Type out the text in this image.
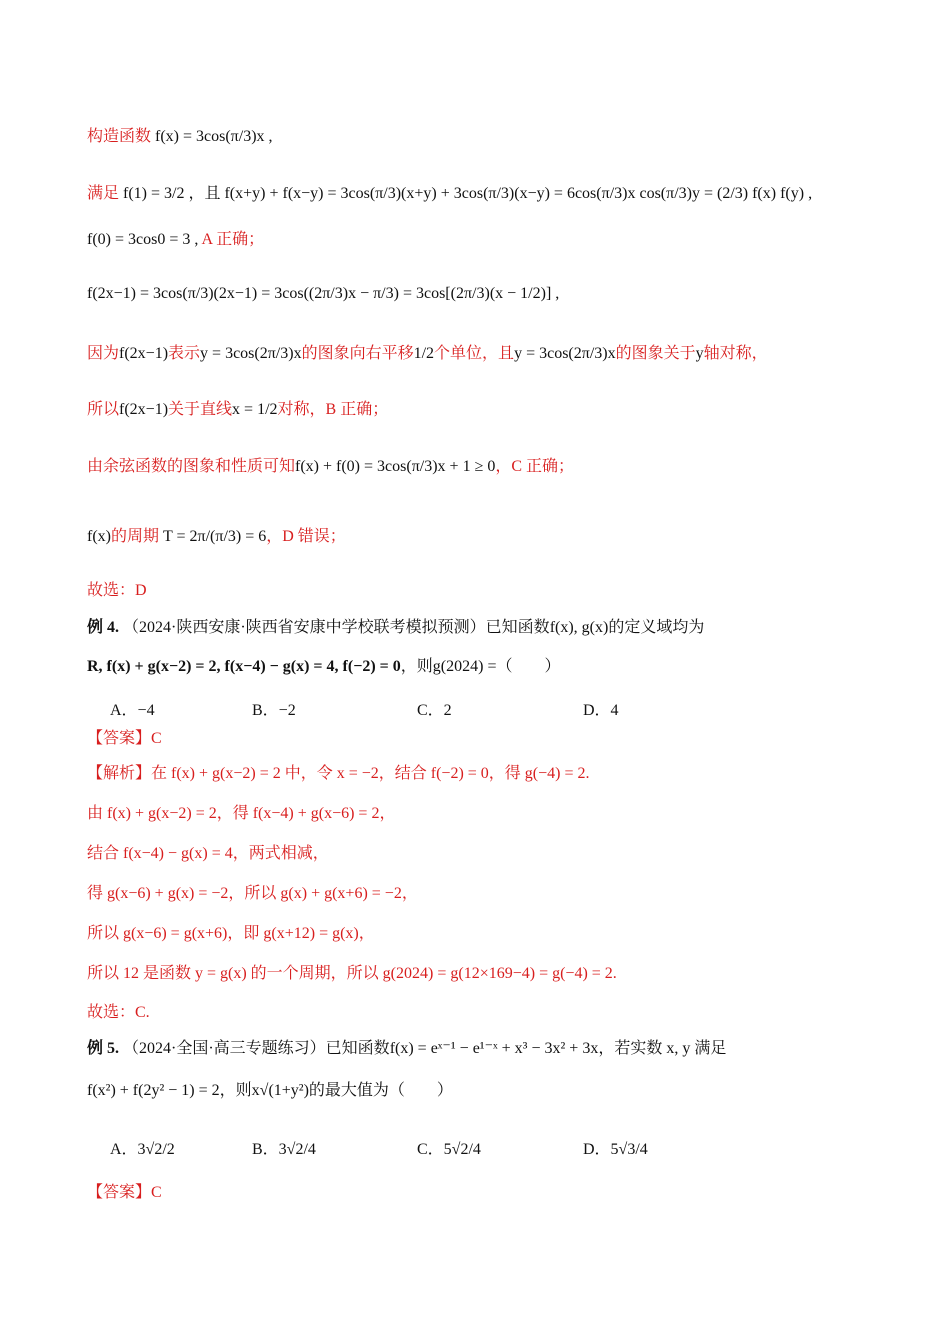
构造函数 f(x) = 3cos(π/3)x ,
满足 f(1) = 3/2 ，且 f(x+y) + f(x−y) = 3cos(π/3)(x+y) + 3cos(π/3)(x−y) = 6cos(π/3)x cos(π/3)y = (2/3) f(x) f(y) ,
f(0) = 3cos0 = 3 , A 正确；
f(2x−1) = 3cos(π/3)(2x−1) = 3cos((2π/3)x − π/3) = 3cos[(2π/3)(x − 1/2)] ,
因为f(2x−1)表示y = 3cos(2π/3)x的图象向右平移1/2个单位，且y = 3cos(2π/3)x的图象关于y轴对称，
所以f(2x−1)关于直线x = 1/2对称，B 正确；
由余弦函数的图象和性质可知f(x) + f(0) = 3cos(π/3)x + 1 ≥ 0，C 正确；
f(x)的周期 T = 2π/(π/3) = 6，D 错误；
故选：D
例 4. （2024·陕西安康·陕西省安康中学校联考模拟预测）已知函数f(x), g(x)的定义域均为
R, f(x) + g(x−2) = 2, f(x−4) − g(x) = 4, f(−2) = 0，则g(2024) =（　　）
A．−4	B．−2	C．2	D．4
【答案】C
【解析】在 f(x) + g(x−2) = 2 中，令 x = −2，结合 f(−2) = 0，得 g(−4) = 2.
由 f(x) + g(x−2) = 2，得 f(x−4) + g(x−6) = 2，
结合 f(x−4) − g(x) = 4，两式相减，
得 g(x−6) + g(x) = −2，所以 g(x) + g(x+6) = −2，
所以 g(x−6) = g(x+6)，即 g(x+12) = g(x)，
所以 12 是函数 y = g(x) 的一个周期，所以 g(2024) = g(12×169−4) = g(−4) = 2.
故选：C.
例 5. （2024·全国·高三专题练习）已知函数f(x) = eˣ⁻¹ − e¹⁻ˣ + x³ − 3x² + 3x，若实数 x, y 满足
f(x²) + f(2y² − 1) = 2，则x√(1+y²)的最大值为（　　）
A．3√2/2	B．3√2/4	C．5√2/4	D．5√3/4
【答案】C
